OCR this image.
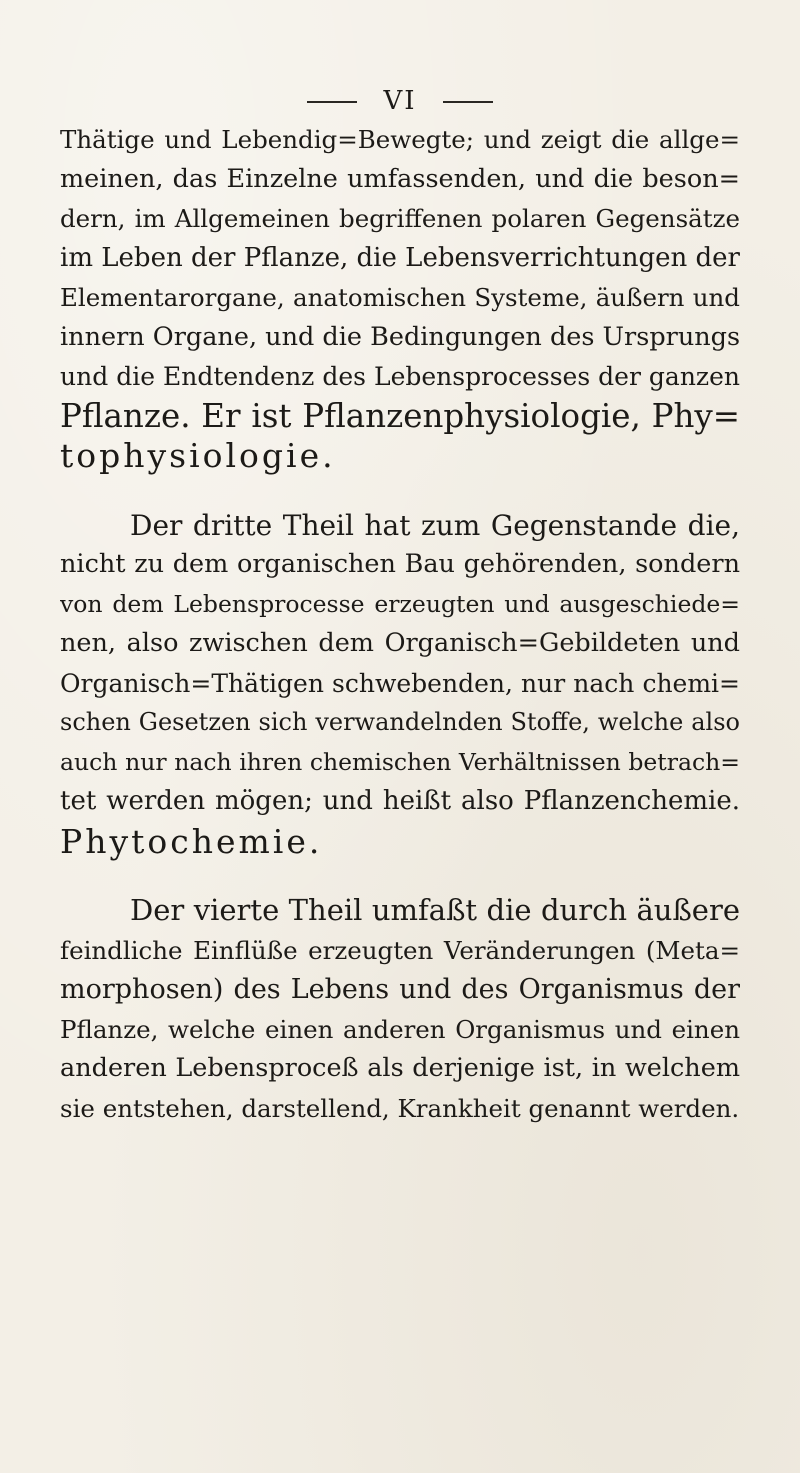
VI
Thätige und Lebendig=Bewegte; und zeigt die allge=
meinen, das Einzelne umfassenden, und die beson=
dern, im Allgemeinen begriffenen polaren Gegensätze
im Leben der Pflanze, die Lebensverrichtungen der
Elementarorgane, anatomischen Systeme, äußern und
innern Organe, und die Bedingungen des Ursprungs
und die Endtendenz des Lebensprocesses der ganzen
Pflanze. Er ist Pflanzenphysiologie, Phy=
tophysiologie.
Der dritte Theil hat zum Gegenstande die,
nicht zu dem organischen Bau gehörenden, sondern
von dem Lebensprocesse erzeugten und ausgeschiede=
nen, also zwischen dem Organisch=Gebildeten und
Organisch=Thätigen schwebenden, nur nach chemi=
schen Gesetzen sich verwandelnden Stoffe, welche also
auch nur nach ihren chemischen Verhältnissen betrach=
tet werden mögen; und heißt also Pflanzenchemie.
Phytochemie.
Der vierte Theil umfaßt die durch äußere
feindliche Einflüße erzeugten Veränderungen (Meta=
morphosen) des Lebens und des Organismus der
Pflanze, welche einen anderen Organismus und einen
anderen Lebensproceß als derjenige ist, in welchem
sie entstehen, darstellend, Krankheit genannt werden.
